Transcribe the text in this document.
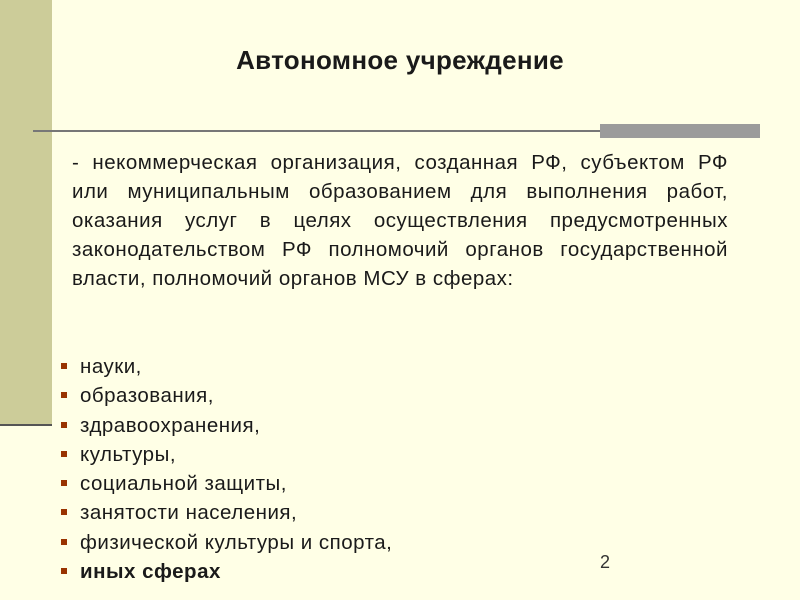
Автономное учреждение

- некоммерческая организация, созданная РФ, субъектом РФ или муниципальным образованием для выполнения работ, оказания услуг в целях осуществления предусмотренных законодательством РФ полномочий органов государственной власти, полномочий органов МСУ в сферах:

науки,
образования,
здравоохранения,
культуры,
социальной защиты,
занятости населения,
физической культуры и спорта,
иных сферах	2
